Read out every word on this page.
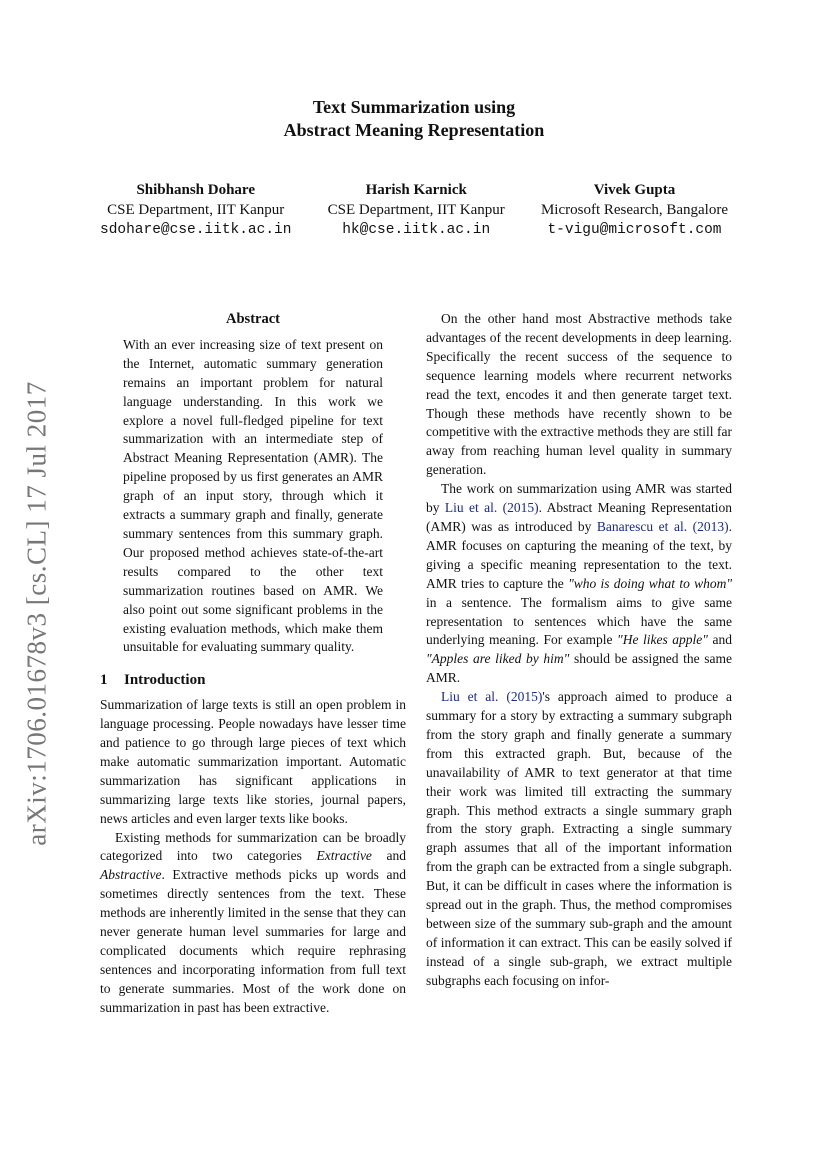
arXiv:1706.01678v3 [cs.CL] 17 Jul 2017
Text Summarization using
Abstract Meaning Representation
Shibhansh Dohare
CSE Department, IIT Kanpur
sdohare@cse.iitk.ac.in
Harish Karnick
CSE Department, IIT Kanpur
hk@cse.iitk.ac.in
Vivek Gupta
Microsoft Research, Bangalore
t-vigu@microsoft.com
Abstract

With an ever increasing size of text present on the Internet, automatic summary generation remains an important problem for natural language understanding. In this work we explore a novel full-fledged pipeline for text summarization with an intermediate step of Abstract Meaning Representation (AMR). The pipeline proposed by us first generates an AMR graph of an input story, through which it extracts a summary graph and finally, generate summary sentences from this summary graph. Our proposed method achieves state-of-the-art results compared to the other text summarization routines based on AMR. We also point out some significant problems in the existing evaluation methods, which make them unsuitable for evaluating summary quality.

1 Introduction

Summarization of large texts is still an open problem in language processing. People nowadays have lesser time and patience to go through large pieces of text which make automatic summarization important. Automatic summarization has significant applications in summarizing large texts like stories, journal papers, news articles and even larger texts like books.

Existing methods for summarization can be broadly categorized into two categories Extractive and Abstractive. Extractive methods picks up words and sometimes directly sentences from the text. These methods are inherently limited in the sense that they can never generate human level summaries for large and complicated documents which require rephrasing sentences and incorporating information from full text to generate summaries. Most of the work done on summarization in past has been extractive.

On the other hand most Abstractive methods take advantages of the recent developments in deep learning. Specifically the recent success of the sequence to sequence learning models where recurrent networks read the text, encodes it and then generate target text. Though these methods have recently shown to be competitive with the extractive methods they are still far away from reaching human level quality in summary generation.

The work on summarization using AMR was started by Liu et al. (2015). Abstract Meaning Representation (AMR) was as introduced by Banarescu et al. (2013). AMR focuses on capturing the meaning of the text, by giving a specific meaning representation to the text. AMR tries to capture the "who is doing what to whom" in a sentence. The formalism aims to give same representation to sentences which have the same underlying meaning. For example "He likes apple" and "Apples are liked by him" should be assigned the same AMR.

Liu et al. (2015)'s approach aimed to produce a summary for a story by extracting a summary subgraph from the story graph and finally generate a summary from this extracted graph. But, because of the unavailability of AMR to text generator at that time their work was limited till extracting the summary graph. This method extracts a single summary graph from the story graph. Extracting a single summary graph assumes that all of the important information from the graph can be extracted from a single subgraph. But, it can be difficult in cases where the information is spread out in the graph. Thus, the method compromises between size of the summary sub-graph and the amount of information it can extract. This can be easily solved if instead of a single sub-graph, we extract multiple subgraphs each focusing on infor-
